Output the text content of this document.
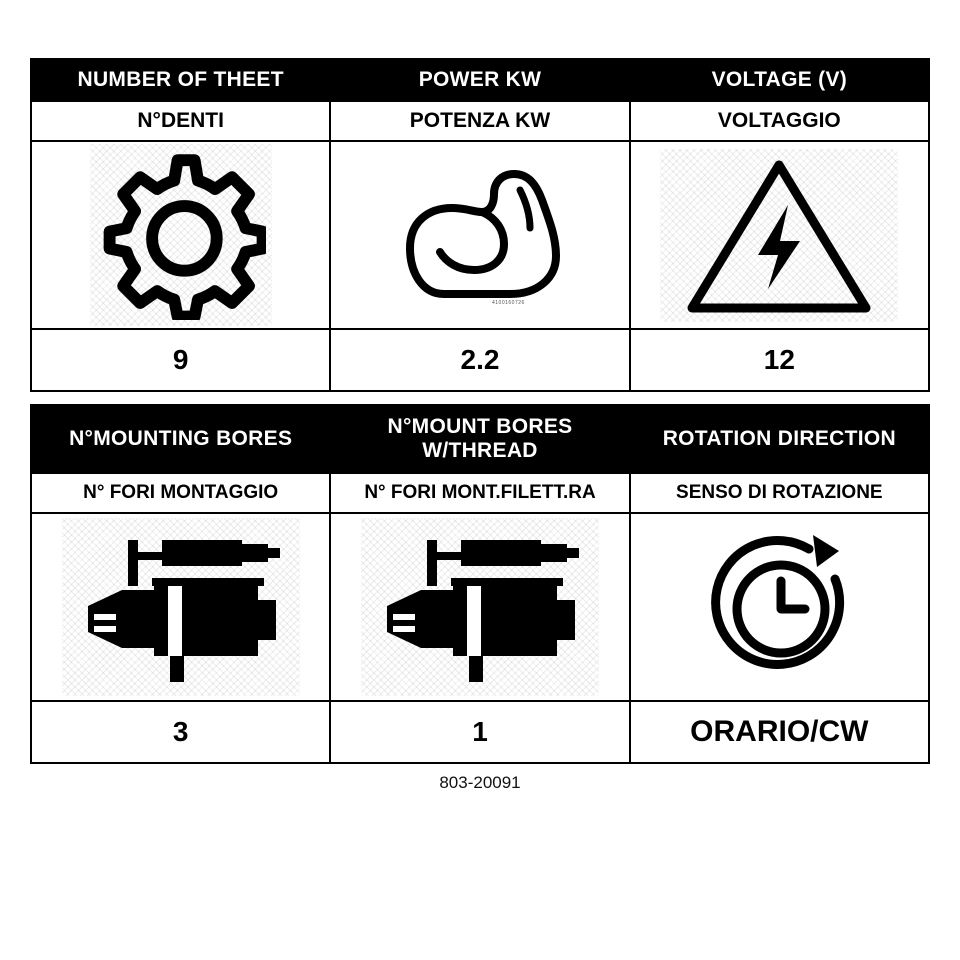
NUMBER OF THEET	POWER KW	VOLTAGE (V)
N°DENTI	POTENZA KW	VOLTAGGIO

4100160726

9	2.2	12
N°MOUNTING BORES	N°MOUNT BORES W/THREAD	ROTATION DIRECTION
N° FORI MONTAGGIO	N° FORI MONT.FILETT.RA	SENSO DI ROTAZIONE

3	1	ORARIO/CW
803-20091
